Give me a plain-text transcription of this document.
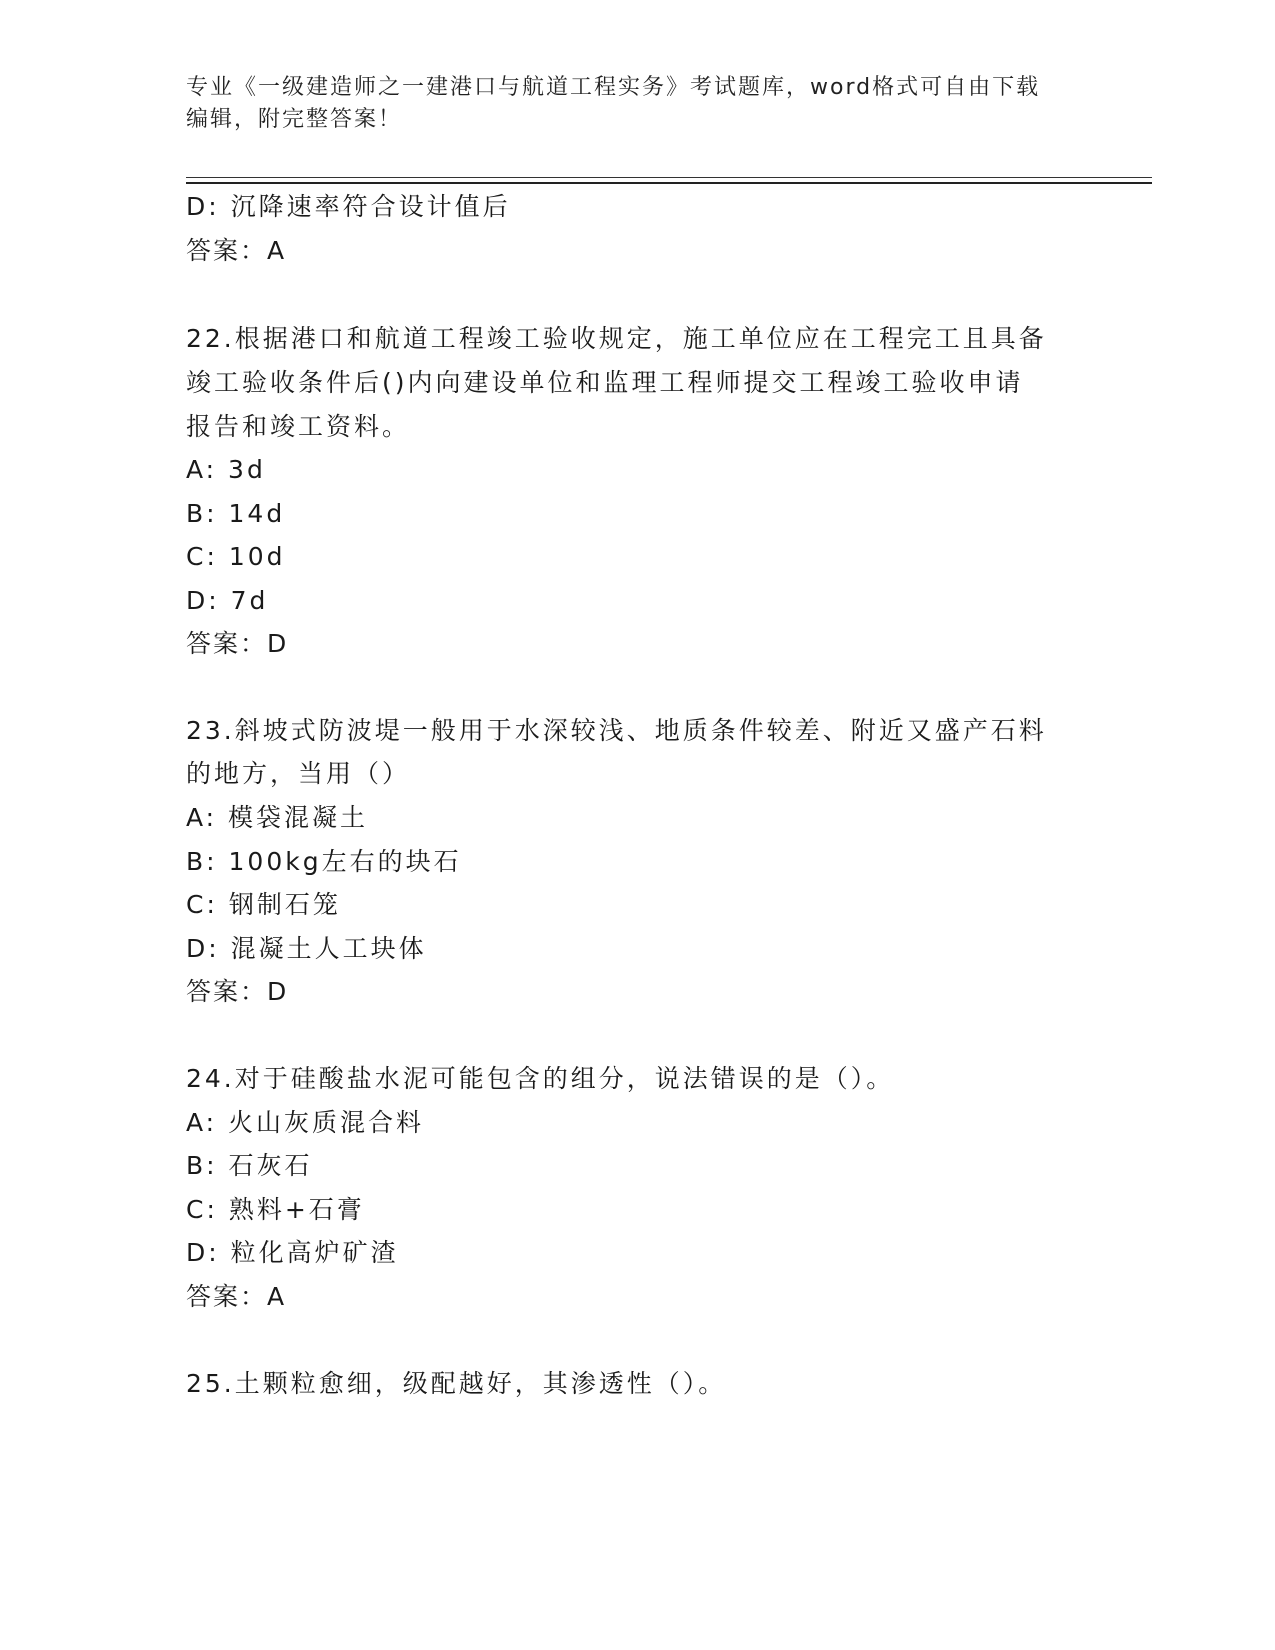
专业《一级建造师之一建港口与航道工程实务》考试题库，word格式可自由下载
编辑，附完整答案！
D: 沉降速率符合设计值后
答案：A
22.根据港口和航道工程竣工验收规定，施工单位应在工程完工且具备
竣工验收条件后()内向建设单位和监理工程师提交工程竣工验收申请
报告和竣工资料。
A: 3d
B: 14d
C: 10d
D: 7d
答案：D
23.斜坡式防波堤一般用于水深较浅、地质条件较差、附近又盛产石料
的地方，当用（）
A: 模袋混凝土
B: 100kg左右的块石
C: 钢制石笼
D: 混凝土人工块体
答案：D
24.对于硅酸盐水泥可能包含的组分，说法错误的是（）。
A: 火山灰质混合料
B: 石灰石
C: 熟料+石膏
D: 粒化高炉矿渣
答案：A
25.土颗粒愈细，级配越好，其渗透性（）。
